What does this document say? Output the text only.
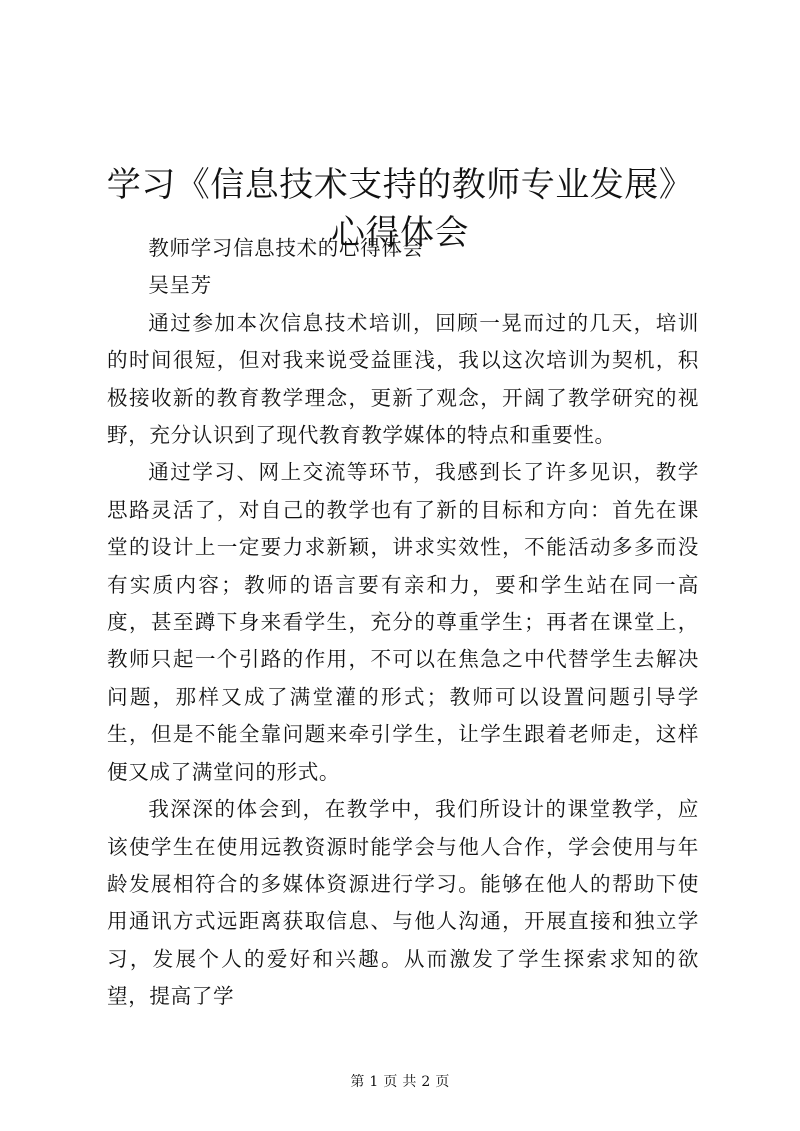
学习《信息技术支持的教师专业发展》心得体会

教师学习信息技术的心得体会

吴呈芳

通过参加本次信息技术培训，回顾一晃而过的几天，培训的时间很短，但对我来说受益匪浅，我以这次培训为契机，积极接收新的教育教学理念，更新了观念，开阔了教学研究的视野，充分认识到了现代教育教学媒体的特点和重要性。

通过学习、网上交流等环节，我感到长了许多见识，教学思路灵活了，对自己的教学也有了新的目标和方向：首先在课堂的设计上一定要力求新颖，讲求实效性，不能活动多多而没有实质内容；教师的语言要有亲和力，要和学生站在同一高度，甚至蹲下身来看学生，充分的尊重学生；再者在课堂上，教师只起一个引路的作用，不可以在焦急之中代替学生去解决问题，那样又成了满堂灌的形式；教师可以设置问题引导学生，但是不能全靠问题来牵引学生，让学生跟着老师走，这样便又成了满堂问的形式。

我深深的体会到，在教学中，我们所设计的课堂教学，应该使学生在使用远教资源时能学会与他人合作，学会使用与年龄发展相符合的多媒体资源进行学习。能够在他人的帮助下使用通讯方式远距离获取信息、与他人沟通，开展直接和独立学习，发展个人的爱好和兴趣。从而激发了学生探索求知的欲望，提高了学

第 1 页 共 2 页
